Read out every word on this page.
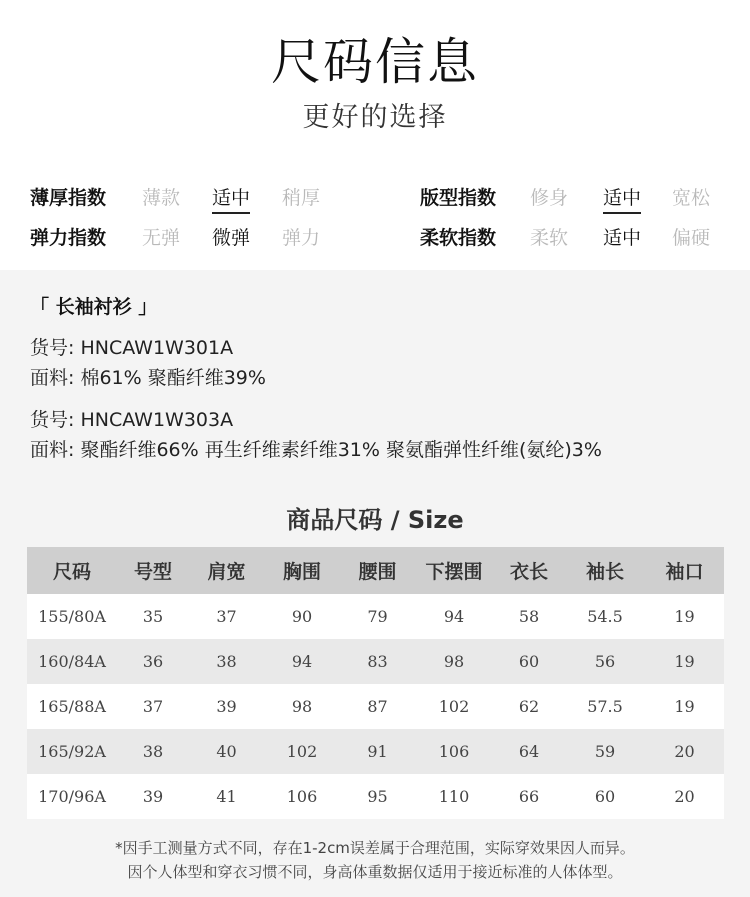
尺码信息
更好的选择
薄厚指数 薄款 适中 稍厚	版型指数 修身 适中 宽松
弹力指数 无弹 微弹 弹力	柔软指数 柔软 适中 偏硬
「 长袖衬衫 」
货号: HNCAW1W301A
面料: 棉61% 聚酯纤维39%
货号: HNCAW1W303A
面料: 聚酯纤维66% 再生纤维素纤维31% 聚氨酯弹性纤维(氨纶)3%
商品尺码 / Size
尺码	号型	肩宽	胸围	腰围	下摆围	衣长	袖长	袖口
155/80A	35	37	90	79	94	58	54.5	19
160/84A	36	38	94	83	98	60	56	19
165/88A	37	39	98	87	102	62	57.5	19
165/92A	38	40	102	91	106	64	59	20
170/96A	39	41	106	95	110	66	60	20
*因手工测量方式不同，存在1-2cm误差属于合理范围，实际穿效果因人而异。
因个人体型和穿衣习惯不同，身高体重数据仅适用于接近标准的人体体型。
